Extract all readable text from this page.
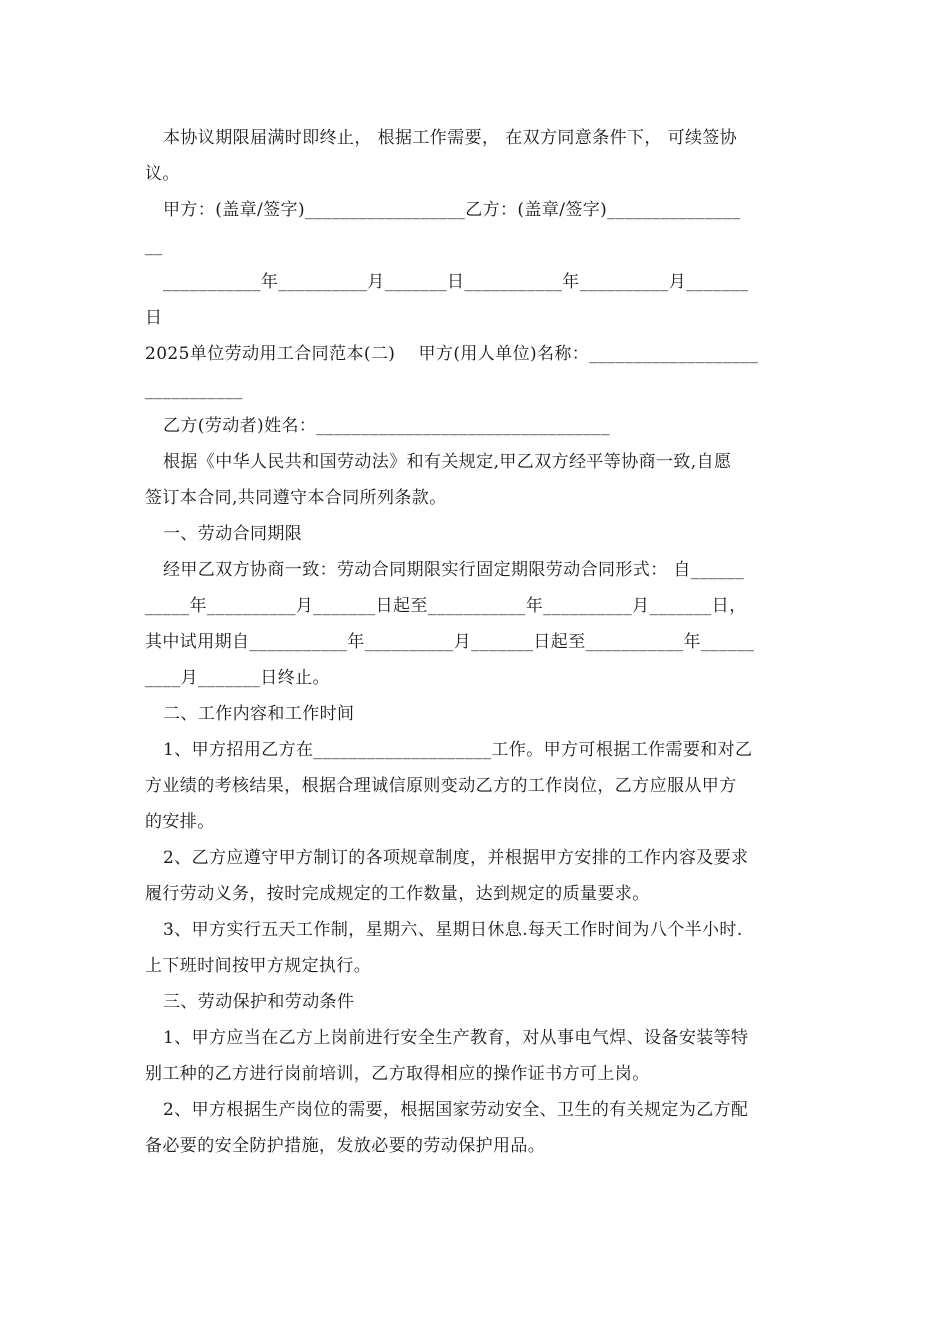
本协议期限届满时即终止， 根据工作需要， 在双方同意条件下， 可续签协
议。
甲方：(盖章/签字)__________________乙方：(盖章/签字)_______________
__
___________年__________月_______日___________年__________月_______
日
2025单位劳动用工合同范本(二)　 甲方(用人单位)名称：___________________
___________
乙方(劳动者)姓名：_________________________________
根据《中华人民共和国劳动法》和有关规定,甲乙双方经平等协商一致,自愿
签订本合同,共同遵守本合同所列条款。
一、劳动合同期限
经甲乙双方协商一致：劳动合同期限实行固定期限劳动合同形式： 自______
_____年__________月_______日起至___________年__________月_______日，
其中试用期自___________年__________月_______日起至___________年______
____月_______日终止。
二、工作内容和工作时间
1、甲方招用乙方在____________________工作。甲方可根据工作需要和对乙
方业绩的考核结果，根据合理诚信原则变动乙方的工作岗位，乙方应服从甲方
的安排。
2、乙方应遵守甲方制订的各项规章制度，并根据甲方安排的工作内容及要求
履行劳动义务，按时完成规定的工作数量，达到规定的质量要求。
3、甲方实行五天工作制，星期六、星期日休息.每天工作时间为八个半小时.
上下班时间按甲方规定执行。
三、劳动保护和劳动条件
1、甲方应当在乙方上岗前进行安全生产教育，对从事电气焊、设备安装等特
别工种的乙方进行岗前培训，乙方取得相应的操作证书方可上岗。
2、甲方根据生产岗位的需要，根据国家劳动安全、卫生的有关规定为乙方配
备必要的安全防护措施，发放必要的劳动保护用品。
